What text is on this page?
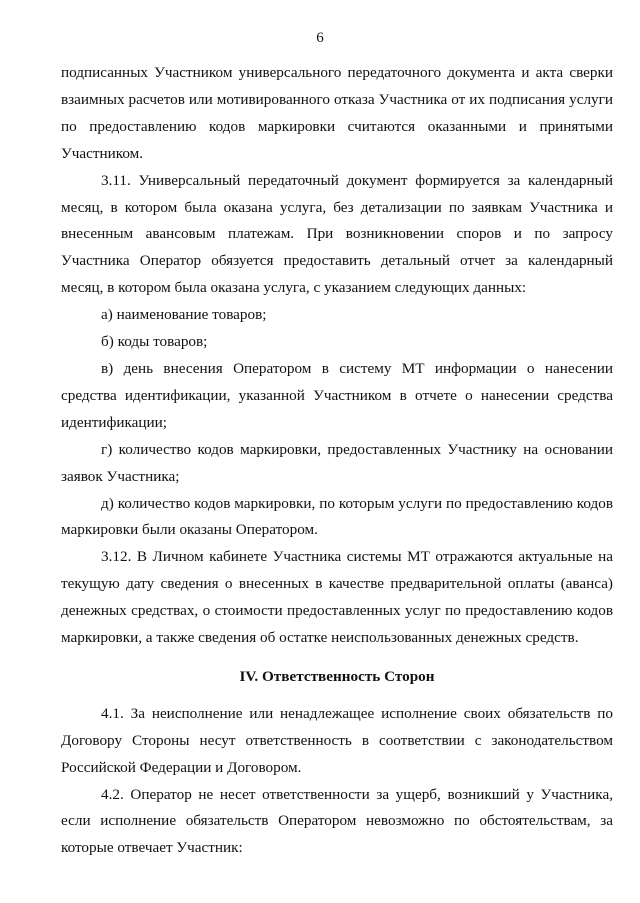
6

подписанных Участником универсального передаточного документа и акта сверки взаимных расчетов или мотивированного отказа Участника от их подписания услуги по предоставлению кодов маркировки считаются оказанными и принятыми Участником.

3.11. Универсальный передаточный документ формируется за календарный месяц, в котором была оказана услуга, без детализации по заявкам Участника и внесенным авансовым платежам. При возникновении споров и по запросу Участника Оператор обязуется предоставить детальный отчет за календарный месяц, в котором была оказана услуга, с указанием следующих данных:

а) наименование товаров;

б) коды товаров;

в) день внесения Оператором в систему МТ информации о нанесении средства идентификации, указанной Участником в отчете о нанесении средства идентификации;

г) количество кодов маркировки, предоставленных Участнику на основании заявок Участника;

д) количество кодов маркировки, по которым услуги по предоставлению кодов маркировки были оказаны Оператором.

3.12. В Личном кабинете Участника системы МТ отражаются актуальные на текущую дату сведения о внесенных в качестве предварительной оплаты (аванса) денежных средствах, о стоимости предоставленных услуг по предоставлению кодов маркировки, а также сведения об остатке неиспользованных денежных средств.

IV. Ответственность Сторон

4.1. За неисполнение или ненадлежащее исполнение своих обязательств по Договору Стороны несут ответственность в соответствии с законодательством Российской Федерации и Договором.

4.2. Оператор не несет ответственности за ущерб, возникший у Участника, если исполнение обязательств Оператором невозможно по обстоятельствам, за которые отвечает Участник:
